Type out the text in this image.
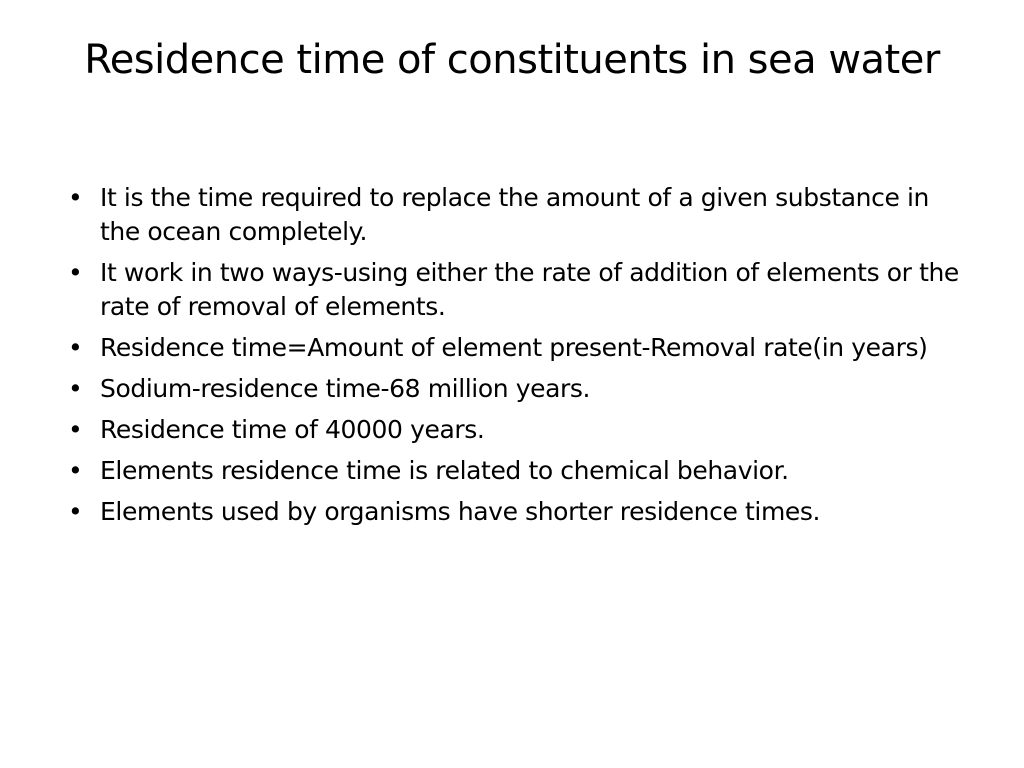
Residence time of constituents in sea water
• It is the time required to replace the amount of a given substance in the ocean completely.
• It work in two ways-using either the rate of addition of elements or the rate of removal of elements.
• Residence time=Amount of element present-Removal rate(in years)
• Sodium-residence time-68 million years.
• Residence time of 40000 years.
• Elements residence time is related to chemical behavior.
• Elements used by organisms have shorter residence times.
